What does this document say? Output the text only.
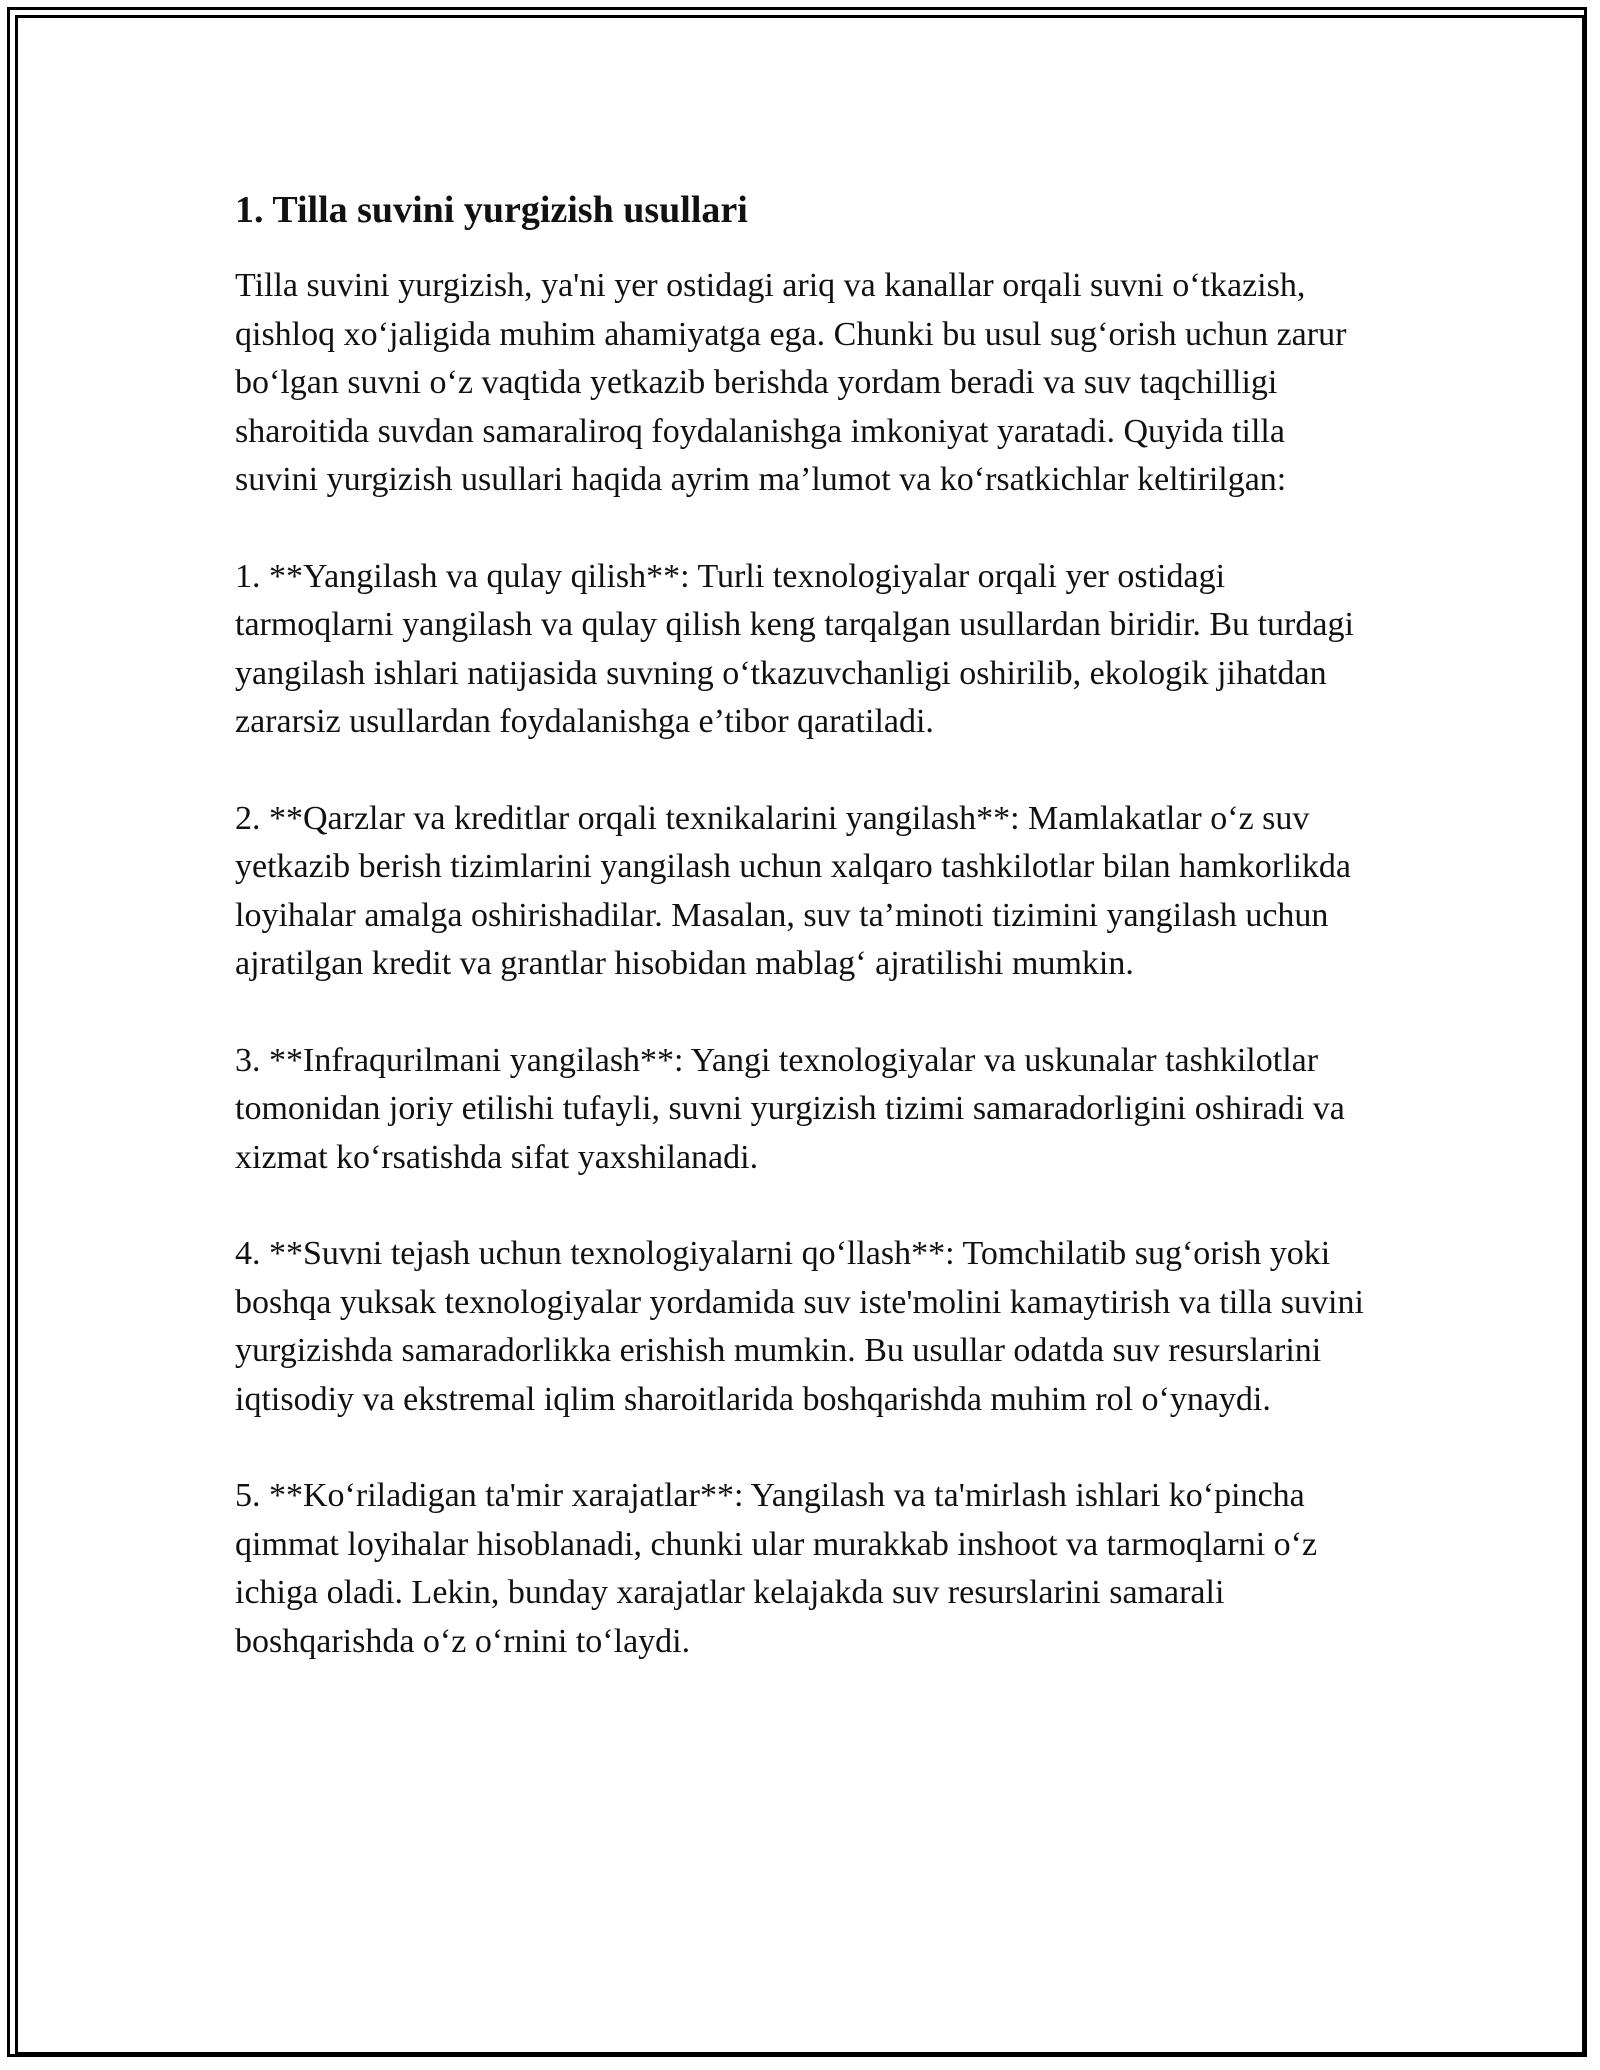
1. Tilla suvini yurgizish usullari

Tilla suvini yurgizish, ya'ni yer ostidagi ariq va kanallar orqali suvni o‘tkazish, qishloq xo‘jaligida muhim ahamiyatga ega. Chunki bu usul sug‘orish uchun zarur bo‘lgan suvni o‘z vaqtida yetkazib berishda yordam beradi va suv taqchilligi sharoitida suvdan samaraliroq foydalanishga imkoniyat yaratadi. Quyida tilla suvini yurgizish usullari haqida ayrim ma’lumot va ko‘rsatkichlar keltirilgan:

1. **Yangilash va qulay qilish**: Turli texnologiyalar orqali yer ostidagi tarmoqlarni yangilash va qulay qilish keng tarqalgan usullardan biridir. Bu turdagi yangilash ishlari natijasida suvning o‘tkazuvchanligi oshirilib, ekologik jihatdan zararsiz usullardan foydalanishga e’tibor qaratiladi.

2. **Qarzlar va kreditlar orqali texnikalarini yangilash**: Mamlakatlar o‘z suv yetkazib berish tizimlarini yangilash uchun xalqaro tashkilotlar bilan hamkorlikda loyihalar amalga oshirishadilar. Masalan, suv ta’minoti tizimini yangilash uchun ajratilgan kredit va grantlar hisobidan mablag‘ ajratilishi mumkin.

3. **Infraqurilmani yangilash**: Yangi texnologiyalar va uskunalar tashkilotlar tomonidan joriy etilishi tufayli, suvni yurgizish tizimi samaradorligini oshiradi va xizmat ko‘rsatishda sifat yaxshilanadi.

4. **Suvni tejash uchun texnologiyalarni qo‘llash**: Tomchilatib sug‘orish yoki boshqa yuksak texnologiyalar yordamida suv iste'molini kamaytirish va tilla suvini yurgizishda samaradorlikka erishish mumkin. Bu usullar odatda suv resurslarini iqtisodiy va ekstremal iqlim sharoitlarida boshqarishda muhim rol o‘ynaydi.

5. **Ko‘riladigan ta'mir xarajatlar**: Yangilash va ta'mirlash ishlari ko‘pincha qimmat loyihalar hisoblanadi, chunki ular murakkab inshoot va tarmoqlarni o‘z ichiga oladi. Lekin, bunday xarajatlar kelajakda suv resurslarini samarali boshqarishda o‘z o‘rnini to‘laydi.
